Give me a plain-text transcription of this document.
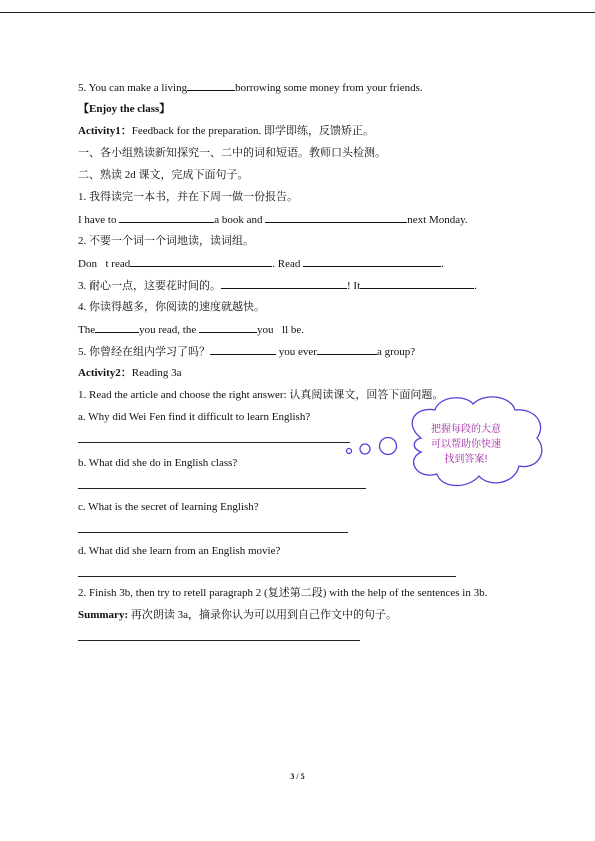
5. You can make a living	borrowing some money from your friends.
【Enjoy the class】
Activity1：Feedback for the preparation. 即学即练，反馈矫正。
一、各小组熟读新知探究一、二中的词和短语。教师口头检测。
二、熟读 2d 课文，完成下面句子。
1. 我得读完一本书，并在下周一做一份报告。
I have to	a book and	next Monday.
2. 不要一个词一个词地读，读词组。
Don t read	. Read	.
3. 耐心一点，这要花时间的。	! It	.
4. 你读得越多，你阅读的速度就越快。
The	you read, the	you ll be.
5. 你曾经在组内学习了吗？	you ever	a group?
Activity2：Reading 3a
1. Read the article and choose the right answer: 认真阅读课文，回答下面问题。
a. Why did Wei Fen find it difficult to learn English?
b. What did she do in English class?
c. What is the secret of learning English?
d. What did she learn from an English movie?
2. Finish 3b, then try to retell paragraph 2 (复述第二段) with the help of the sentences in 3b.
Summary: 再次朗读 3a，摘录你认为可以用到自己作文中的句子。
把握每段的大意可以帮助你快速找到答案!
3 / 5
